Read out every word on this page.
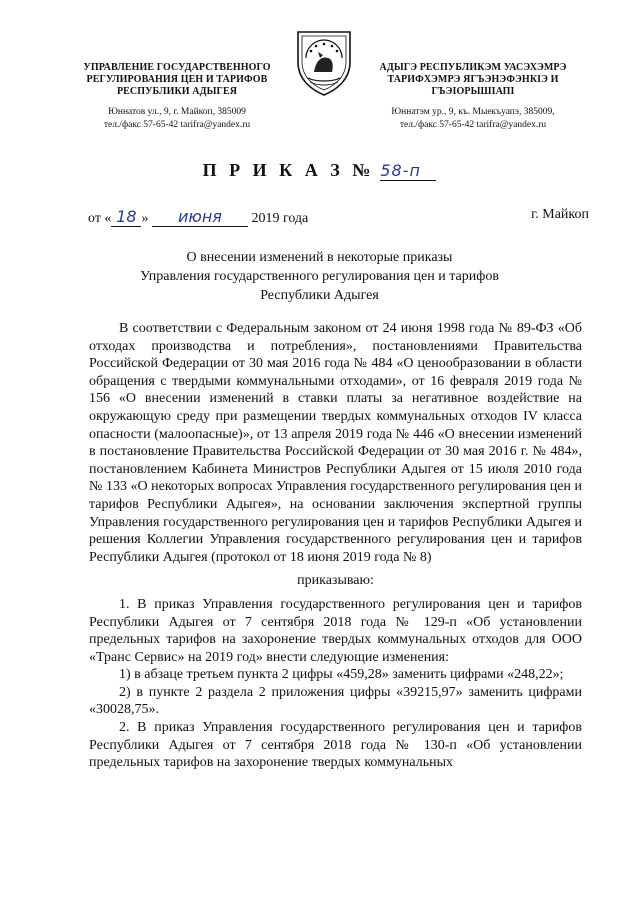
УПРАВЛЕНИЕ ГОСУДАРСТВЕННОГО
РЕГУЛИРОВАНИЯ ЦЕН И ТАРИФОВ
РЕСПУБЛИКИ АДЫГЕЯ
Юннатов ул., 9, г. Майкоп, 385009
тел./факс 57-65-42 tarifra@yandex.ru
АДЫГЭ РЕСПУБЛИКЭМ УАСЭХЭМРЭ
ТАРИФХЭМРЭ ЯГЪЭНЭФЭНКIЭ И
ГЪЭIОРЫШIАПI
Юннатэм ур., 9, къ. Мыекъуапэ, 385009,
тел./факс 57-65-42 tarifra@yandex.ru
П Р И К А З № 58-п
от « 18 » июня 2019 года	г. Майкоп
О внесении изменений в некоторые приказы
Управления государственного регулирования цен и тарифов
Республики Адыгея

В соответствии с Федеральным законом от 24 июня 1998 года № 89-ФЗ «Об отходах производства и потребления», постановлениями Правительства Российской Федерации от 30 мая 2016 года № 484 «О ценообразовании в области обращения с твердыми коммунальными отходами», от 16 февраля 2019 года № 156 «О внесении изменений в ставки платы за негативное воздействие на окружающую среду при размещении твердых коммунальных отходов IV класса опасности (малоопасные)», от 13 апреля 2019 года № 446 «О внесении изменений в постановление Правительства Российской Федерации от 30 мая 2016 г. № 484», постановлением Кабинета Министров Республики Адыгея от 15 июля 2010 года № 133 «О некоторых вопросах Управления государственного регулирования цен и тарифов Республики Адыгея», на основании заключения экспертной группы Управления государственного регулирования цен и тарифов Республики Адыгея и решения Коллегии Управления государственного регулирования цен и тарифов Республики Адыгея (протокол от 18 июня 2019 года № 8)

приказываю:

1. В приказ Управления государственного регулирования цен и тарифов Республики Адыгея от 7 сентября 2018 года № 129-п «Об установлении предельных тарифов на захоронение твердых коммунальных отходов для ООО «Транс Сервис» на 2019 год» внести следующие изменения:

1) в абзаце третьем пункта 2 цифры «459,28» заменить цифрами «248,22»;

2) в пункте 2 раздела 2 приложения цифры «39215,97» заменить цифрами «30028,75».

2. В приказ Управления государственного регулирования цен и тарифов Республики Адыгея от 7 сентября 2018 года № 130-п «Об установлении предельных тарифов на захоронение твердых коммунальных
